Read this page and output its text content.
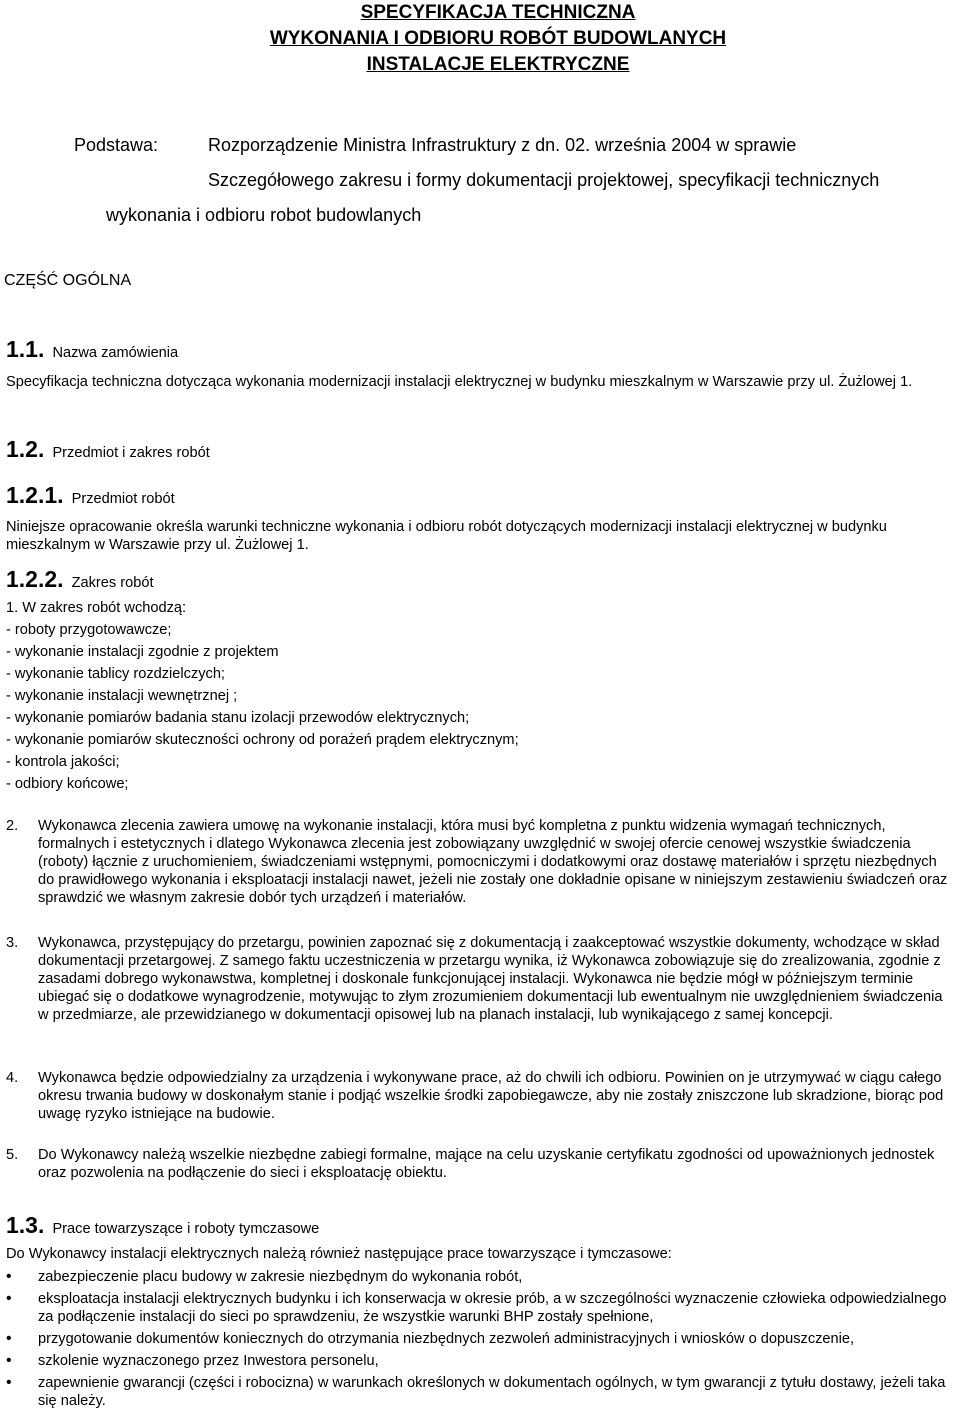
SPECYFIKACJA TECHNICZNA

WYKONANIA I ODBIORU ROBÓT BUDOWLANYCH

INSTALACJE ELEKTRYCZNE

Podstawa:	Rozporządzenie Ministra Infrastruktury z dn. 02. września 2004 w sprawie
Szczegółowego zakresu i formy dokumentacji projektowej, specyfikacji technicznych
wykonania i odbioru robot budowlanych
CZĘŚĆ OGÓLNA
1.1. Nazwa zamówienia
Specyfikacja techniczna dotycząca wykonania modernizacji instalacji elektrycznej w budynku mieszkalnym w Warszawie przy ul. Żużlowej 1.
1.2. Przedmiot i zakres robót
1.2.1. Przedmiot robót
Niniejsze opracowanie określa warunki techniczne wykonania i odbioru robót dotyczących modernizacji instalacji elektrycznej w budynku mieszkalnym w Warszawie przy ul. Żużlowej 1.
1.2.2. Zakres robót
1. W zakres robót wchodzą:
- roboty przygotowawcze;
- wykonanie instalacji zgodnie z projektem
- wykonanie tablicy rozdzielczych;
- wykonanie instalacji wewnętrznej ;
- wykonanie pomiarów badania stanu izolacji przewodów elektrycznych;
- wykonanie pomiarów skuteczności ochrony od porażeń prądem elektrycznym;
- kontrola jakości;
- odbiory końcowe;
2. Wykonawca zlecenia zawiera umowę na wykonanie instalacji, która musi być kompletna z punktu widzenia wymagań technicznych, formalnych i estetycznych i dlatego Wykonawca zlecenia jest zobowiązany uwzględnić w swojej ofercie cenowej wszystkie świadczenia (roboty) łącznie z uruchomieniem, świadczeniami wstępnymi, pomocniczymi i dodatkowymi oraz dostawę materiałów i sprzętu niezbędnych do prawidłowego wykonania i eksploatacji instalacji nawet, jeżeli nie zostały one dokładnie opisane w niniejszym zestawieniu świadczeń oraz sprawdzić we własnym zakresie dobór tych urządzeń i materiałów.
3. Wykonawca, przystępujący do przetargu, powinien zapoznać się z dokumentacją i zaakceptować wszystkie dokumenty, wchodzące w skład dokumentacji przetargowej. Z samego faktu uczestniczenia w przetargu wynika, iż Wykonawca zobowiązuje się do zrealizowania, zgodnie z zasadami dobrego wykonawstwa, kompletnej i doskonale funkcjonującej instalacji. Wykonawca nie będzie mógł w późniejszym terminie ubiegać się o dodatkowe wynagrodzenie, motywując to złym zrozumieniem dokumentacji lub ewentualnym nie uwzględnieniem świadczenia w przedmiarze, ale przewidzianego w dokumentacji opisowej lub na planach instalacji, lub wynikającego z samej koncepcji.
4. Wykonawca będzie odpowiedzialny za urządzenia i wykonywane prace, aż do chwili ich odbioru. Powinien on je utrzymywać w ciągu całego okresu trwania budowy w doskonałym stanie i podjąć wszelkie środki zapobiegawcze, aby nie zostały zniszczone lub skradzione, biorąc pod uwagę ryzyko istniejące na budowie.
5. Do Wykonawcy należą wszelkie niezbędne zabiegi formalne, mające na celu uzyskanie certyfikatu zgodności od upoważnionych jednostek oraz pozwolenia na podłączenie do sieci i eksploatację obiektu.
1.3. Prace towarzyszące i roboty tymczasowe
Do Wykonawcy instalacji elektrycznych należą również następujące prace towarzyszące i tymczasowe:
• zabezpieczenie placu budowy w zakresie niezbędnym do wykonania robót,
• eksploatacja instalacji elektrycznych budynku i ich konserwacja w okresie prób, a w szczególności wyznaczenie człowieka odpowiedzialnego za podłączenie instalacji do sieci po sprawdzeniu, że wszystkie warunki BHP zostały spełnione,
• przygotowanie dokumentów koniecznych do otrzymania niezbędnych zezwoleń administracyjnych i wniosków o dopuszczenie,
• szkolenie wyznaczonego przez Inwestora personelu,
• zapewnienie gwarancji (części i robocizna) w warunkach określonych w dokumentach ogólnych, w tym gwarancji z tytułu dostawy, jeżeli taka się należy.
